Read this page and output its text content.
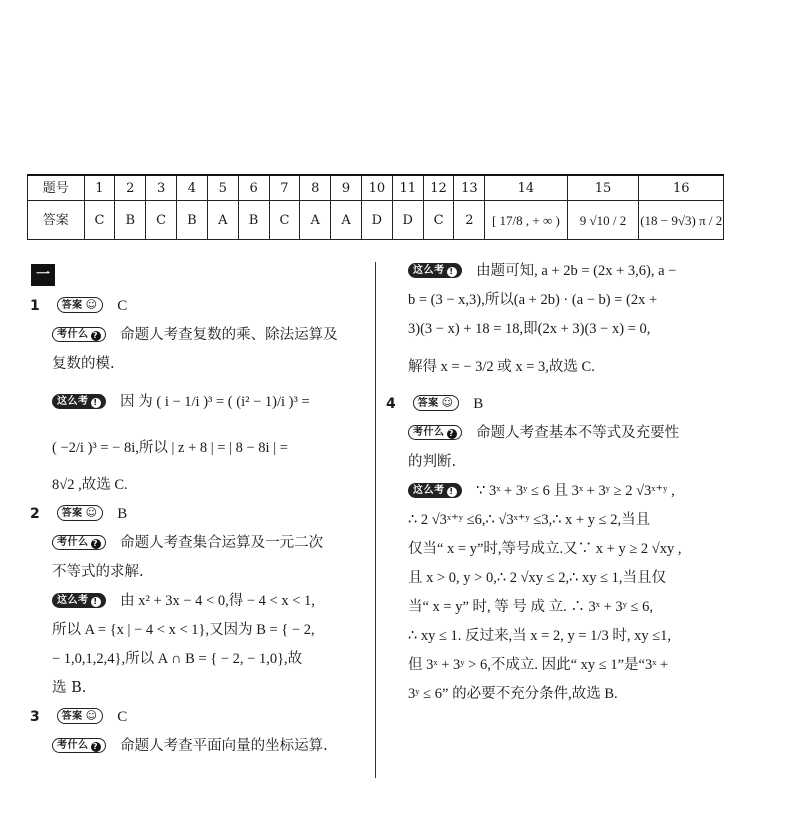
题号	1	2	3	4	5	6	7	8	9	10	11	12	13	14	15	16
答案	C	B	C	B	A	B	C	A	A	D	D	C	2	[ 17/8 , + ∞ )	9 √10 / 2	(18 − 9√3) π / 2
一
1 答案 ☺ C
考什么 ? 命题人考查复数的乘、除法运算及
复数的模.
这么考 ! 因 为 ( i − 1/i )³ = ( (i² − 1)/i )³ =
( −2/i )³ = − 8i,所以 | z + 8 | = | 8 − 8i | =
8√2 ,故选 C.
2 答案 ☺ B
考什么 ? 命题人考查集合运算及一元二次
不等式的求解.
这么考 ! 由 x² + 3x − 4 < 0,得 − 4 < x < 1,
所以 A = {x | − 4 < x < 1},又因为 B = { − 2,
− 1,0,1,2,4},所以 A ∩ B = { − 2, − 1,0},故
选 B.
3 答案 ☺ C
考什么 ? 命题人考查平面向量的坐标运算.
这么考 ! 由题可知, a + 2b = (2x + 3,6), a −
b = (3 − x,3),所以(a + 2b) · (a − b) = (2x +
3)(3 − x) + 18 = 18,即(2x + 3)(3 − x) = 0,
解得 x = − 3/2 或 x = 3,故选 C.
4 答案 ☺ B
考什么 ? 命题人考查基本不等式及充要性
的判断.
这么考 ! ∵ 3ˣ + 3ʸ ≤ 6 且 3ˣ + 3ʸ ≥ 2 √3ˣ⁺ʸ ,
∴ 2 √3ˣ⁺ʸ ≤6,∴ √3ˣ⁺ʸ ≤3,∴ x + y ≤ 2,当且
仅当“ x = y”时,等号成立.又∵ x + y ≥ 2 √xy ,
且 x > 0, y > 0,∴ 2 √xy ≤ 2,∴ xy ≤ 1,当且仅
当“ x = y” 时, 等 号 成 立. ∴ 3ˣ + 3ʸ ≤ 6,
∴ xy ≤ 1. 反过来,当 x = 2, y = 1/3 时, xy ≤1,
但 3ˣ + 3ʸ > 6,不成立. 因此“ xy ≤ 1”是“3ˣ +
3ʸ ≤ 6” 的必要不充分条件,故选 B.
